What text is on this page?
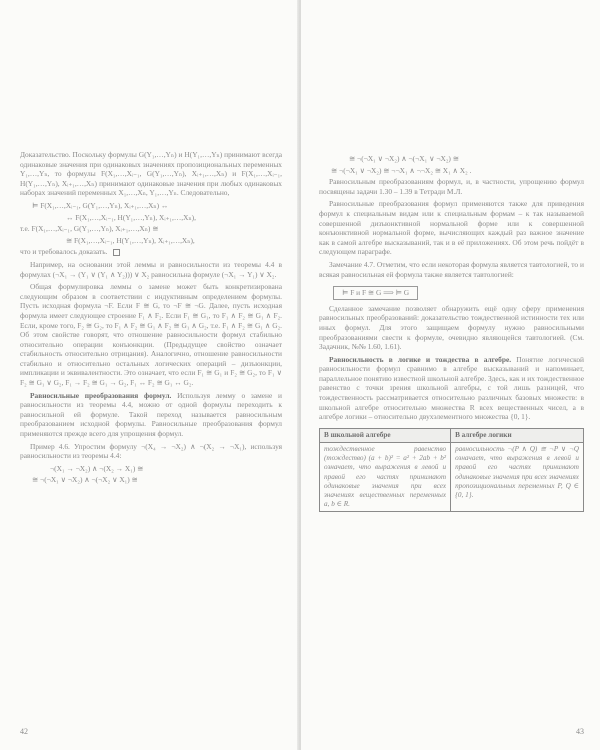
Доказательство. Поскольку формулы G(Y₁,…,Yₙ) и H(Y₁,…,Yₙ) принимают всегда одинаковые значения при одинаковых значениях пропозициональных переменных Y₁,…,Yₙ, то формулы F(X₁,…,Xᵢ₋₁, G(Y₁,…,Yₙ), Xᵢ₊₁,…,Xₙ) и F(X₁,…,Xᵢ₋₁, H(Y₁,…,Yₙ), Xᵢ₊₁,…,Xₙ) принимают одинаковые значения при любых одинаковых наборах значений переменных X₁,…,Xₙ, Y₁,…,Yₙ. Следовательно,

⊨ F(X₁,…,Xᵢ₋₁, G(Y₁,…,Yₙ), Xᵢ₊₁,…,Xₙ) ↔
↔ F(X₁,…,Xᵢ₋₁, H(Y₁,…,Yₙ), Xᵢ₊₁,…,Xₙ),
т.е. F(X₁,…,Xᵢ₋₁, G(Y₁,…,Yₙ), Xᵢ₊₁,…,Xₙ) ≅
≅ F(X₁,…,Xᵢ₋₁, H(Y₁,…,Yₙ), Xᵢ₊₁,…,Xₙ),

что и требовалось доказать.

Например, на основании этой леммы и равносильности из теоремы 4.4 в формулах (¬X₁ → (Y₁ ∨ (Y₁ ∧ Y₂))) ∨ X₂ равносильна формуле (¬X₁ → Y₁) ∨ X₂.

Общая формулировка леммы о замене может быть конкретизирована следующим образом в соответствии с индуктивным определением формулы. Пусть исходная формула ¬F. Если F ≅ G, то ¬F ≅ ¬G. Далее, пусть исходная формула имеет следующее строение F₁ ∧ F₂. Если F₁ ≅ G₁, то F₁ ∧ F₂ ≅ G₁ ∧ F₂. Если, кроме того, F₂ ≅ G₂, то F₁ ∧ F₂ ≅ G₁ ∧ F₂ ≅ G₁ ∧ G₂, т.е. F₁ ∧ F₂ ≅ G₁ ∧ G₂. Об этом свойстве говорят, что отношение равносильности формул стабильно относительно операции конъюнкции. (Предыдущее свойство означает стабильность относительно отрицания). Аналогично, отношение равносильности стабильно и относительно остальных логических операций – дизъюнкции, импликации и эквивалентности. Это означает, что если F₁ ≅ G₁ и F₂ ≅ G₂, то F₁ ∨ F₂ ≅ G₁ ∨ G₂, F₁ → F₂ ≅ G₁ → G₂, F₁ ↔ F₂ ≅ G₁ ↔ G₂.

Равносильные преобразования формул. Используя лемму о замене и равносильности из теоремы 4.4, можно от одной формулы переходить к равносильной ей формуле. Такой переход называется равносильным преобразованием исходной формулы. Равносильные преобразования формул применяются прежде всего для упрощения формул.

Пример 4.6. Упростим формулу ¬(X₄ → ¬X₂) ∧ ¬(X₂ → ¬X₁), используя равносильности из теоремы 4.4:

¬(X₁ → ¬X₂) ∧ ¬(X₂ → X₁) ≅
≅ ¬(¬X₁ ∨ ¬X₂) ∧ ¬(¬X₂ ∨ X₁) ≅
42
≅ ¬(¬X₁ ∨ ¬X₂) ∧ ¬(¬X₁ ∨ ¬X₂) ≅
≅ ¬(¬X₁ ∨ ¬X₂) ≅ ¬¬X₁ ∧ ¬¬X₂ ≅ X₁ ∧ X₂ .

Равносильным преобразованиям формул, и, в частности, упрощению формул посвящены задачи 1.30 – 1.39 в Тетради М.Л.

Равносильные преобразования формул применяются также для приведения формул к специальным видам или к специальным формам – к так называемой совершенной дизъюнктивной нормальной форме или к совершенной конъюнктивной нормальной форме, вычисляющих каждый раз важное значение как в самой алгебре высказываний, так и в её приложениях. Об этом речь пойдёт в следующем параграфе.

Замечание 4.7. Отметим, что если некоторая формула является тавтологией, то и всякая равносильная ей формула также является тавтологией:

⊨ F и F ≅ G ⟹ ⊨ G

Сделанное замечание позволяет обнаружить ещё одну сферу применения равносильных преобразований: доказательство тождественной истинности тех или иных формул. Для этого защищаем формулу нужно равносильными преобразованиями свести к формуле, очевидно являющейся тавтологией. (См. Задачник, №№ 1.60, 1.61).

Равносильность в логике и тождества в алгебре. Понятие логической равносильности формул сравнимо в алгебре высказываний и напоминает, параллельное понятию известной школьной алгебре. Здесь, как и их тождественное равенство с точки зрения школьной алгебры, с той лишь разницей, что тождественность рассматривается относительно различных базовых множеств: в школьной алгебре относительно множества R всех вещественных чисел, а в алгебре логики – относительно двухэлементного множества {0, 1}.

В школьной алгебре	В алгебре логики
тождественное равенство (тождество) (a + b)² = a² + 2ab + b² означает, что выражения в левой и правой его частях принимают одинаковые значения при всех значениях вещественных переменных a, b ∈ R.	равносильность ¬(P ∧ Q) ≅ ¬P ∨ ¬Q означает, что выражения в левой и правой его частях принимают одинаковые значения при всех значениях пропозициональных переменных P, Q ∈ {0, 1}.
43
